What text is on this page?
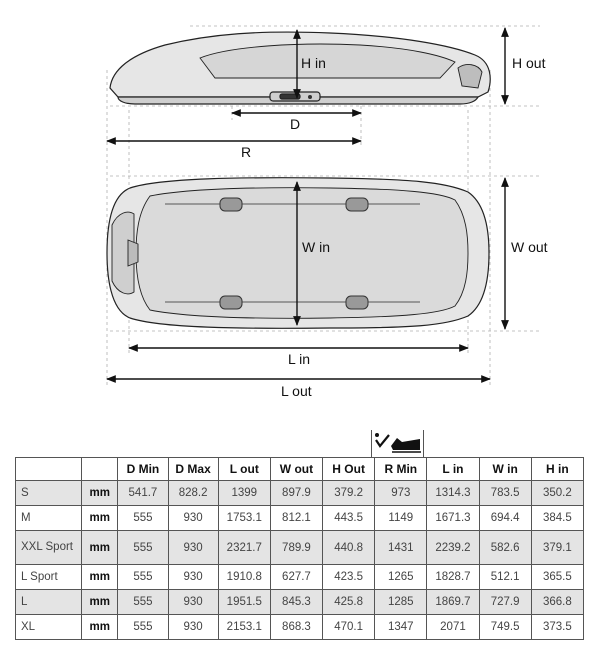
H in	H out
D
R
W in	W out
L in
L out
		D Min	D Max	L out	W out	H Out	R Min	L in	W in	H in
S	mm	541.7	828.2	1399	897.9	379.2	973	1314.3	783.5	350.2
M	mm	555	930	1753.1	812.1	443.5	1149	1671.3	694.4	384.5
XXL Sport	mm	555	930	2321.7	789.9	440.8	1431	2239.2	582.6	379.1
L Sport	mm	555	930	1910.8	627.7	423.5	1265	1828.7	512.1	365.5
L	mm	555	930	1951.5	845.3	425.8	1285	1869.7	727.9	366.8
XL	mm	555	930	2153.1	868.3	470.1	1347	2071	749.5	373.5
